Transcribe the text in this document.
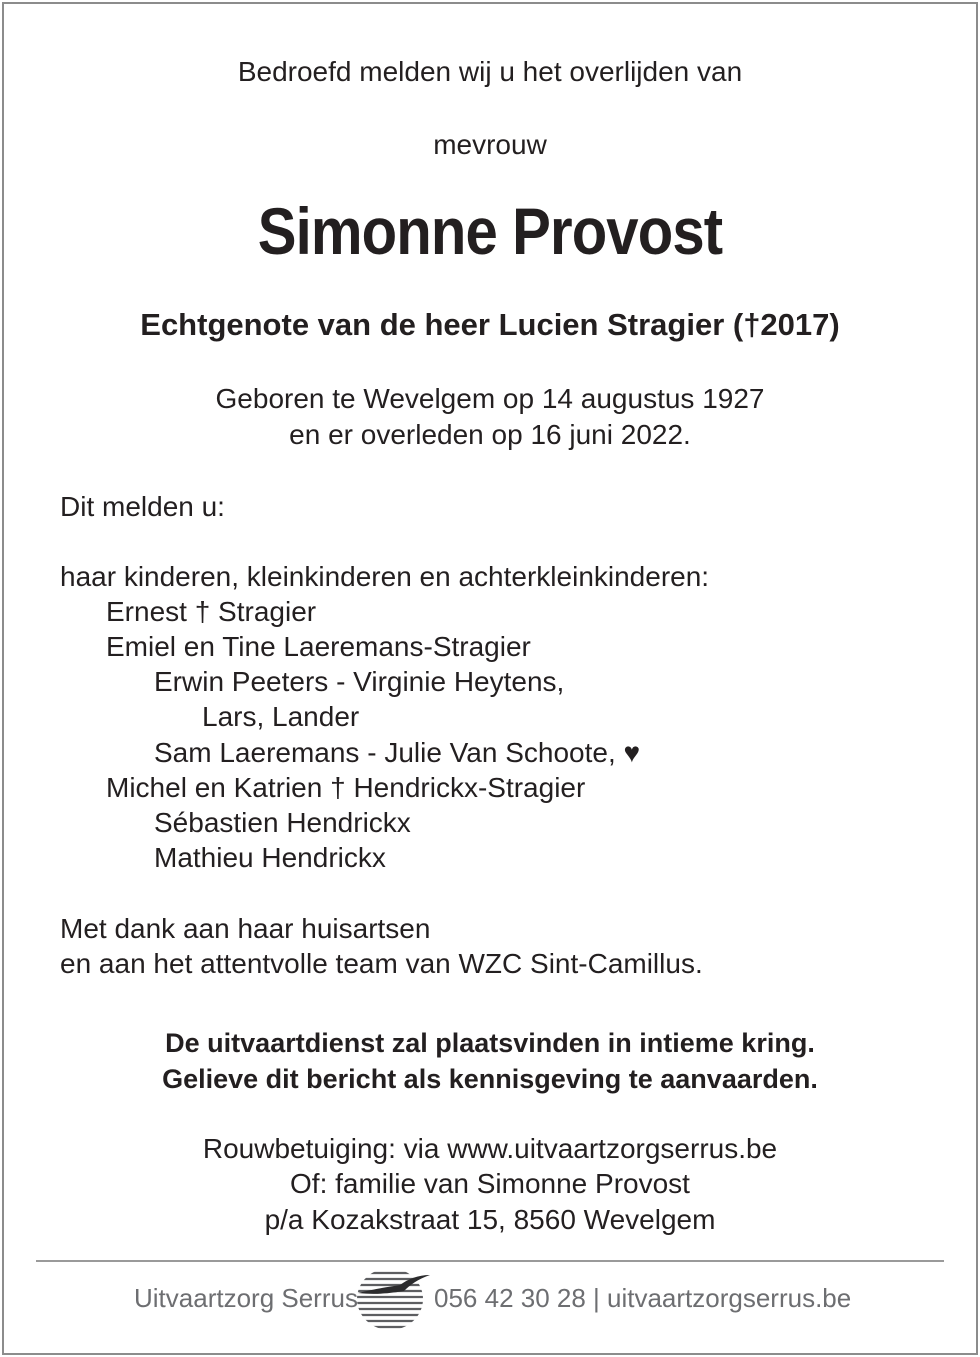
Bedroefd melden wij u het overlijden van
mevrouw
Simonne Provost
Echtgenote van de heer Lucien Stragier (†2017)
Geboren te Wevelgem op 14 augustus 1927
en er overleden op 16 juni 2022.
Dit melden u:
haar kinderen, kleinkinderen en achterkleinkinderen:
Ernest † Stragier
Emiel en Tine Laeremans-Stragier
Erwin Peeters - Virginie Heytens,
Lars, Lander
Sam Laeremans - Julie Van Schoote, ♥
Michel en Katrien † Hendrickx-Stragier
Sébastien Hendrickx
Mathieu Hendrickx
Met dank aan haar huisartsen
en aan het attentvolle team van WZC Sint-Camillus.
De uitvaartdienst zal plaatsvinden in intieme kring.
Gelieve dit bericht als kennisgeving te aanvaarden.
Rouwbetuiging: via www.uitvaartzorgserrus.be
Of: familie van Simonne Provost
p/a Kozakstraat 15, 8560 Wevelgem
Uitvaartzorg Serrus	056 42 30 28 | uitvaartzorgserrus.be
